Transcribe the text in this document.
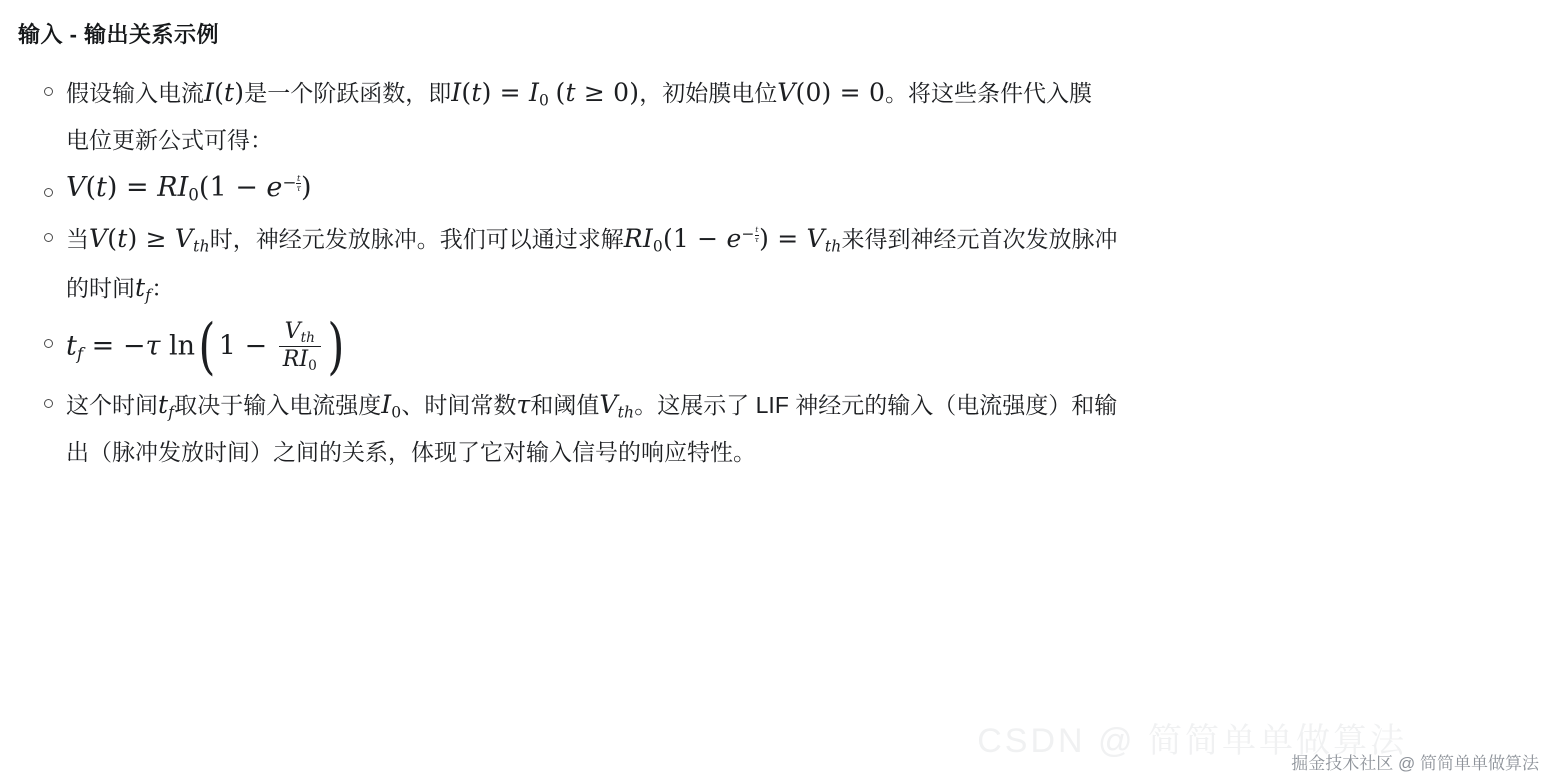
输入 - 输出关系示例
假设输入电流I(t)是一个阶跃函数，即$I(t) = I_0$ (t ≥ 0)，初始膜电位V(0) = 0。将这些条件代入膜
电位更新公式可得：
$V(t) = RI_0(1 - e- \frac{t}{\tau}$ )
当$V(t) \ge V_{th}$时，神经元发放脉冲。我们可以通过求解$RI_0(1 - e- \frac{t}{\tau}$ ) = $V_{th}$来得到神经元首次发放脉冲
的时间$t_f$：
$t_f = -\tau$ ln( $1 - \frac{V_{th}}{RI_0}$ )
这个时间$t_f$取决于输入电流强度$I_0$、时间常数τ和阈值$V_{th}$。这展示了 LIF 神经元的输入（电流强度）和输
出（脉冲发放时间）之间的关系，体现了它对输入信号的响应特性。
CSDN @ 简简单单做算法
掘金技术社区 @ 简简单单做算法
